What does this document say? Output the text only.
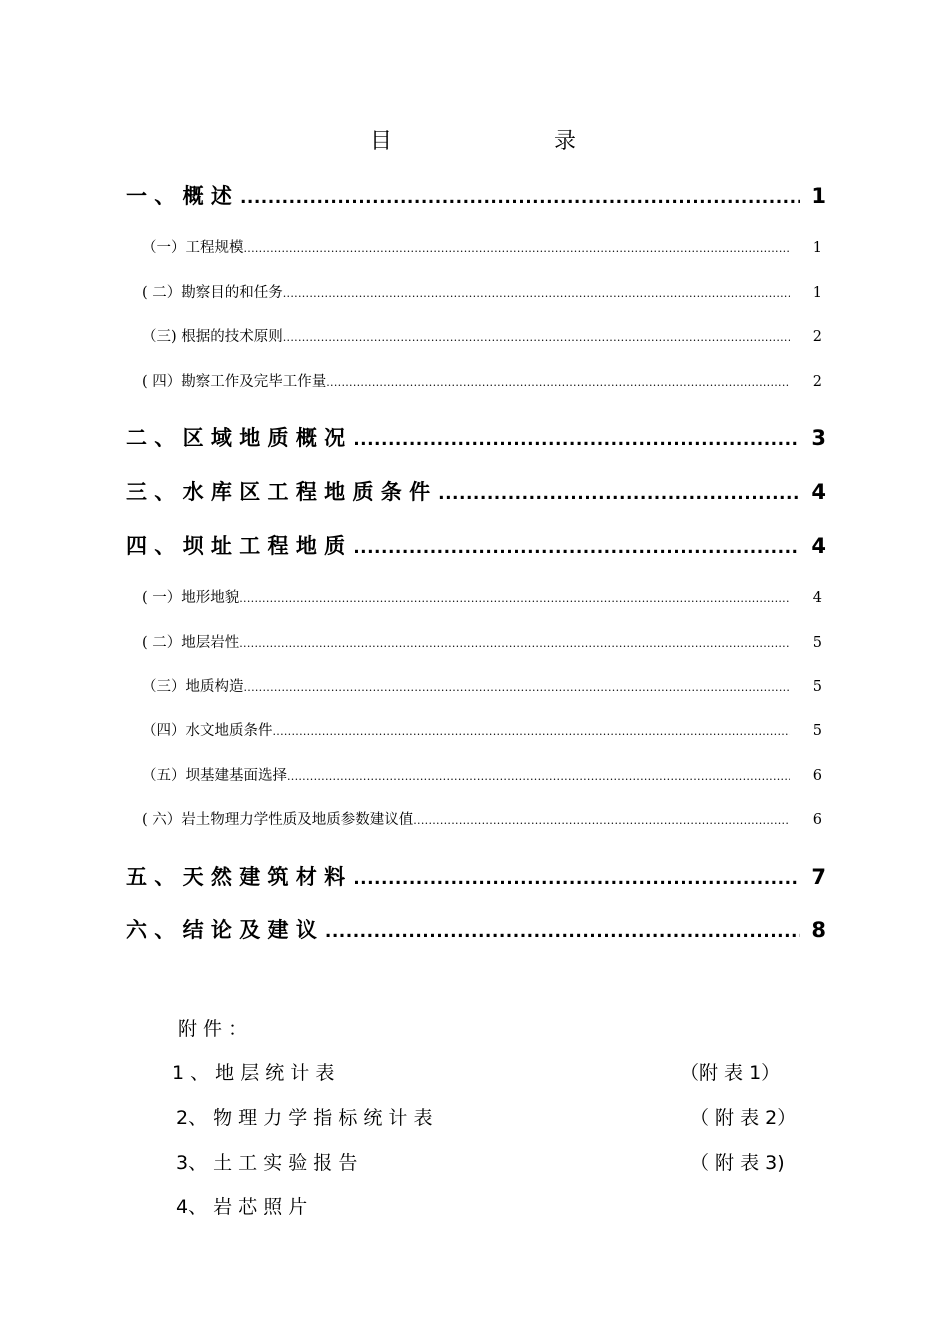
目	录
一 、 概 述 .....	1
（一）工程规模 .....	1
( 二）勘察目的和任务 .....	1
（三) 根据的技术原则 .....	2
( 四）勘察工作及完毕工作量 .....	2
二 、 区 域 地 质 概 况 .....	3
三 、 水 库 区 工 程 地 质 条 件 .....	4
四 、 坝 址 工 程 地 质 .....	4
( 一）地形地貌 .....	4
( 二）地层岩性 .....	5
（三）地质构造 .....	5
（四）水文地质条件 .....	5
（五）坝基建基面选择 .....	6
( 六）岩土物理力学性质及地质参数建议值 .....	6
五 、 天 然 建 筑 材 料 .....	7
六 、 结 论 及 建 议 .....	8
附 件 ：
1 、 地 层 统 计 表	（附 表 1）
2、 物 理 力 学 指 标 统 计 表	（ 附 表 2）
3、 土 工 实 验 报 告	（ 附 表 3)
4、 岩 芯 照 片
